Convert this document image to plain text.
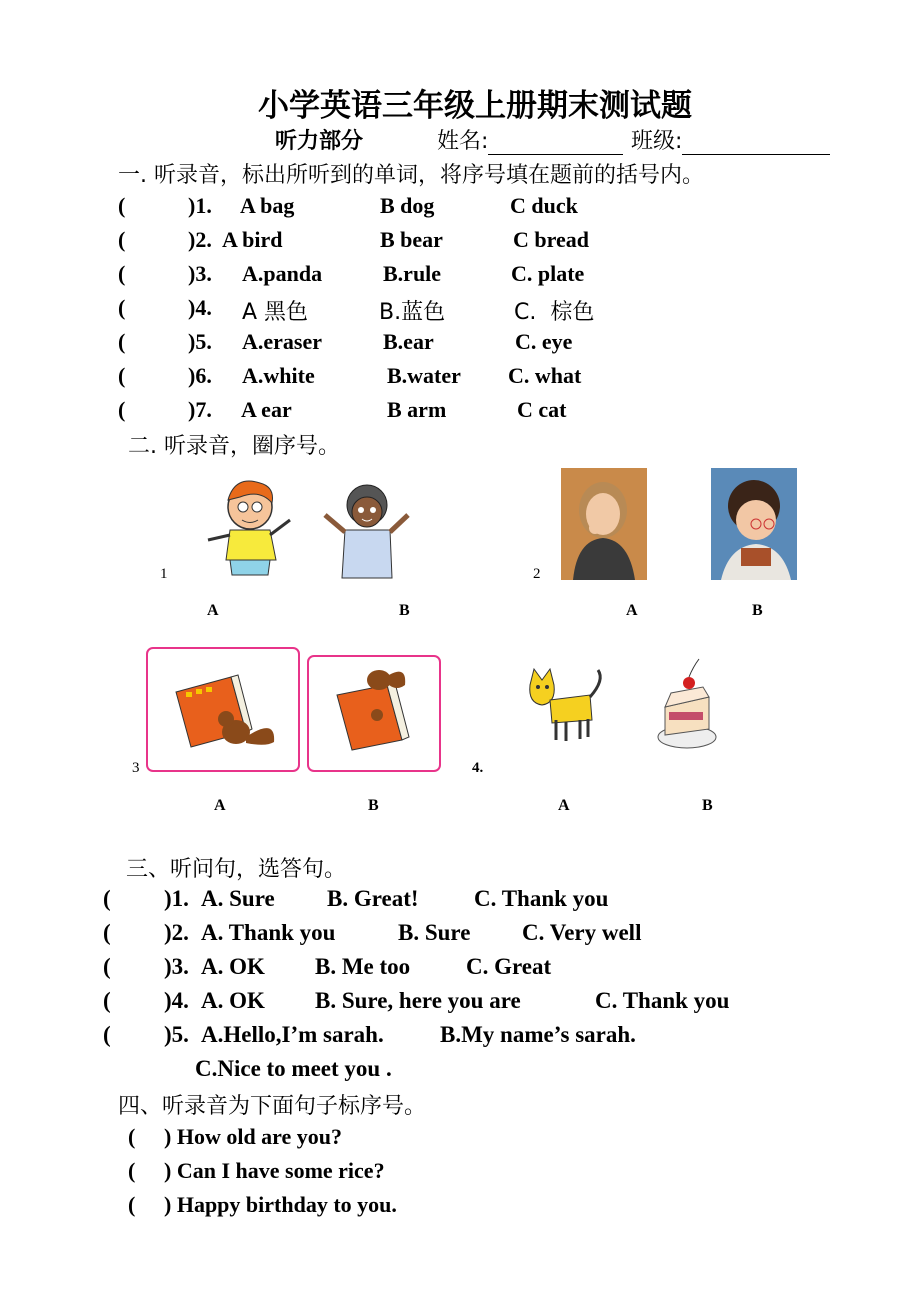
小学英语三年级上册期末测试题
听力部分	姓名:	班级:
一. 听录音，标出所听到的单词，将序号填在题前的括号内。
(	)1. A bag	B dog	C duck
(	)2. A bird	B bear	C bread
(	)3. A.panda	B.rule	C. plate
(	)4. A 黑色	B.蓝色	C.  棕色
(	)5. A.eraser	B.ear	C. eye
(	)6. A.white	B.water C. what
(	)7. A ear	B arm	C cat
二. 听录音，圈序号。
1
A	B
2
A	B
3
A	B
4.
A	B
三、听问句，选答句。
( )1. A. Sure B. Great! C. Thank you
( )2. A. Thank you	B. Sure C. Very well
( )3. A. OK B. Me too C. Great
( )4. A. OK B. Sure, here you are	C. Thank you
( )5. A.Hello,I’m sarah. B.My name’s sarah.
C.Nice to meet you .
四、听录音为下面句子标序号。
( ) How old are you?
( ) Can I have some rice?
( ) Happy birthday to you.
